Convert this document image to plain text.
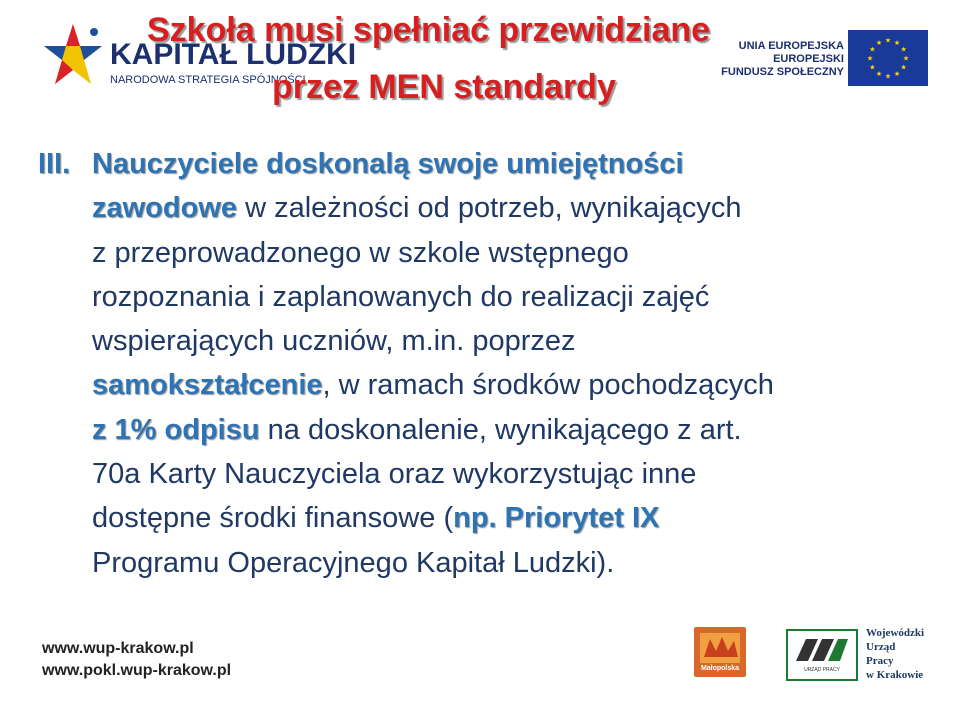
KAPITAŁ LUDZKI
NARODOWA STRATEGIA SPÓJNOŚCI
UNIA EUROPEJSKA
EUROPEJSKI
FUNDUSZ SPOŁECZNY
★
★
★
★
★
★
★
★
★ ★ ★
★
Szkoła musi spełniać przewidziane
przez MEN standardy
III. Nauczyciele doskonalą swoje umiejętności
zawodowe w zależności od potrzeb, wynikających
z przeprowadzonego w szkole wstępnego
rozpoznania i zaplanowanych do realizacji zajęć
wspierających uczniów, m.in. poprzez
samokształcenie, w ramach środków pochodzących
z 1% odpisu na doskonalenie, wynikającego z art.
70a Karty Nauczyciela oraz wykorzystując inne
dostępne środki finansowe (np. Priorytet IX
Programu Operacyjnego Kapitał Ludzki).
www.wup-krakow.pl
www.pokl.wup-krakow.pl	Małopolska	URZĄD PRACY
Wojewódzki
Urząd
Pracy
w Krakowie
